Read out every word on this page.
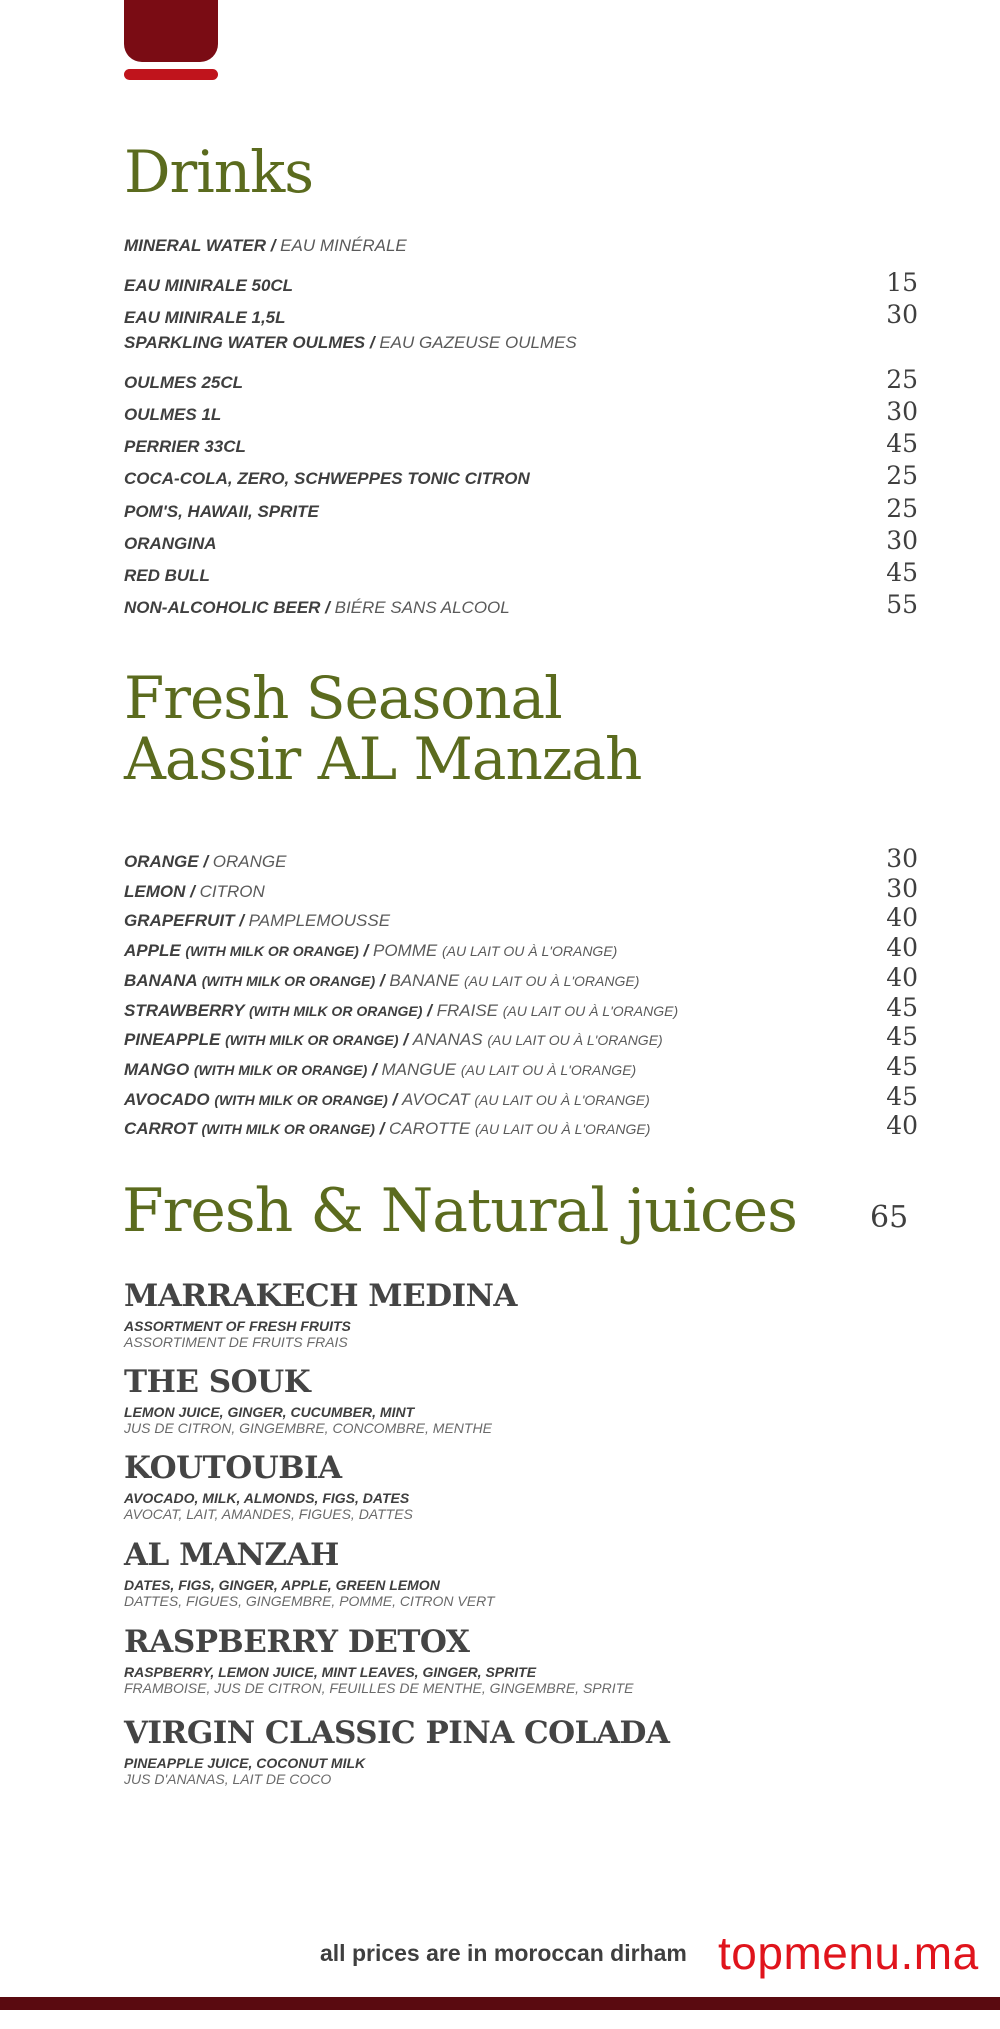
Drinks
MINERAL WATER / EAU MINÉRALE
EAU MINIRALE 50CL	15
EAU MINIRALE 1,5L	30
SPARKLING WATER OULMES / EAU GAZEUSE OULMES
OULMES 25CL	25
OULMES 1L	30
PERRIER 33CL	45
COCA-COLA, ZERO, SCHWEPPES TONIC CITRON	25
POM'S, HAWAII, SPRITE	25
ORANGINA	30
RED BULL	45
NON-ALCOHOLIC BEER / BIÉRE SANS ALCOOL	55
Fresh Seasonal
Aassir AL Manzah
ORANGE / ORANGE	30
LEMON / CITRON	30
GRAPEFRUIT / PAMPLEMOUSSE	40
APPLE (WITH MILK OR ORANGE) / POMME (AU LAIT OU À L'ORANGE)	40
BANANA (WITH MILK OR ORANGE) / BANANE (AU LAIT OU À L'ORANGE)	40
STRAWBERRY (WITH MILK OR ORANGE) / FRAISE (AU LAIT OU À L'ORANGE)	45
PINEAPPLE (WITH MILK OR ORANGE) / ANANAS (AU LAIT OU À L'ORANGE)	45
MANGO (WITH MILK OR ORANGE) / MANGUE (AU LAIT OU À L'ORANGE)	45
AVOCADO (WITH MILK OR ORANGE) / AVOCAT (AU LAIT OU À L'ORANGE)	45
CARROT (WITH MILK OR ORANGE) / CAROTTE (AU LAIT OU À L'ORANGE)	40
Fresh & Natural juices 65
MARRAKECH MEDINA
ASSORTMENT OF FRESH FRUITS
ASSORTIMENT DE FRUITS FRAIS
THE SOUK
LEMON JUICE, GINGER, CUCUMBER, MINT
JUS DE CITRON, GINGEMBRE, CONCOMBRE, MENTHE
KOUTOUBIA
AVOCADO, MILK, ALMONDS, FIGS, DATES
AVOCAT, LAIT, AMANDES, FIGUES, DATTES
AL MANZAH
DATES, FIGS, GINGER, APPLE, GREEN LEMON
DATTES, FIGUES, GINGEMBRE, POMME, CITRON VERT
RASPBERRY DETOX
RASPBERRY, LEMON JUICE, MINT LEAVES, GINGER, SPRITE
FRAMBOISE, JUS DE CITRON, FEUILLES DE MENTHE, GINGEMBRE, SPRITE
VIRGIN CLASSIC PINA COLADA
PINEAPPLE JUICE, COCONUT MILK
JUS D'ANANAS, LAIT DE COCO
all prices are in moroccan dirham topmenu.ma
